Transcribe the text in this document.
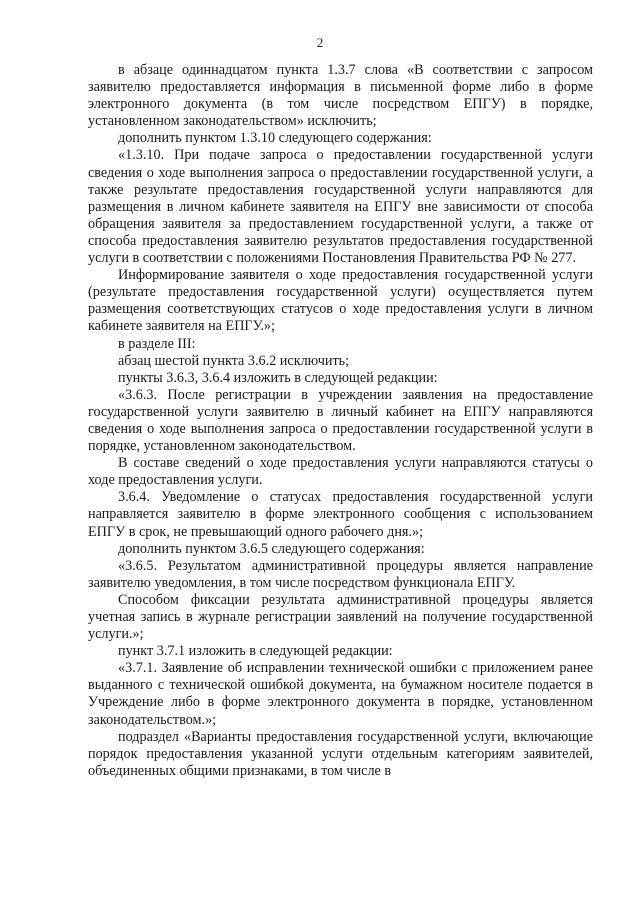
2

в абзаце одиннадцатом пункта 1.3.7 слова «В соответствии с запросом заявителю предоставляется информация в письменной форме либо в форме электронного документа (в том числе посредством ЕПГУ) в порядке, установленном законодательством» исключить;

дополнить пунктом 1.3.10 следующего содержания:

«1.3.10. При подаче запроса о предоставлении государственной услуги сведения о ходе выполнения запроса о предоставлении государственной услуги, а также результате предоставления государственной услуги направляются для размещения в личном кабинете заявителя на ЕПГУ вне зависимости от способа обращения заявителя за предоставлением государственной услуги, а также от способа предоставления заявителю результатов предоставления государственной услуги в соответствии с положениями Постановления Правительства РФ № 277.

Информирование заявителя о ходе предоставления государственной услуги (результате предоставления государственной услуги) осуществляется путем размещения соответствующих статусов о ходе предоставления услуги в личном кабинете заявителя на ЕПГУ.»;

в разделе III:

абзац шестой пункта 3.6.2 исключить;

пункты 3.6.3, 3.6.4 изложить в следующей редакции:

«3.6.3. После регистрации в учреждении заявления на предоставление государственной услуги заявителю в личный кабинет на ЕПГУ направляются сведения о ходе выполнения запроса о предоставлении государственной услуги в порядке, установленном законодательством.

В составе сведений о ходе предоставления услуги направляются статусы о ходе предоставления услуги.

3.6.4. Уведомление о статусах предоставления государственной услуги направляется заявителю в форме электронного сообщения с использованием ЕПГУ в срок, не превышающий одного рабочего дня.»;

дополнить пунктом 3.6.5 следующего содержания:

«3.6.5. Результатом административной процедуры является направление заявителю уведомления, в том числе посредством функционала ЕПГУ.

Способом фиксации результата административной процедуры является учетная запись в журнале регистрации заявлений на получение государственной услуги.»;

пункт 3.7.1 изложить в следующей редакции:

«3.7.1. Заявление об исправлении технической ошибки с приложением ранее выданного с технической ошибкой документа, на бумажном носителе подается в Учреждение либо в форме электронного документа в порядке, установленном законодательством.»;

подраздел «Варианты предоставления государственной услуги, включающие порядок предоставления указанной услуги отдельным категориям заявителей, объединенных общими признаками, в том числе в
